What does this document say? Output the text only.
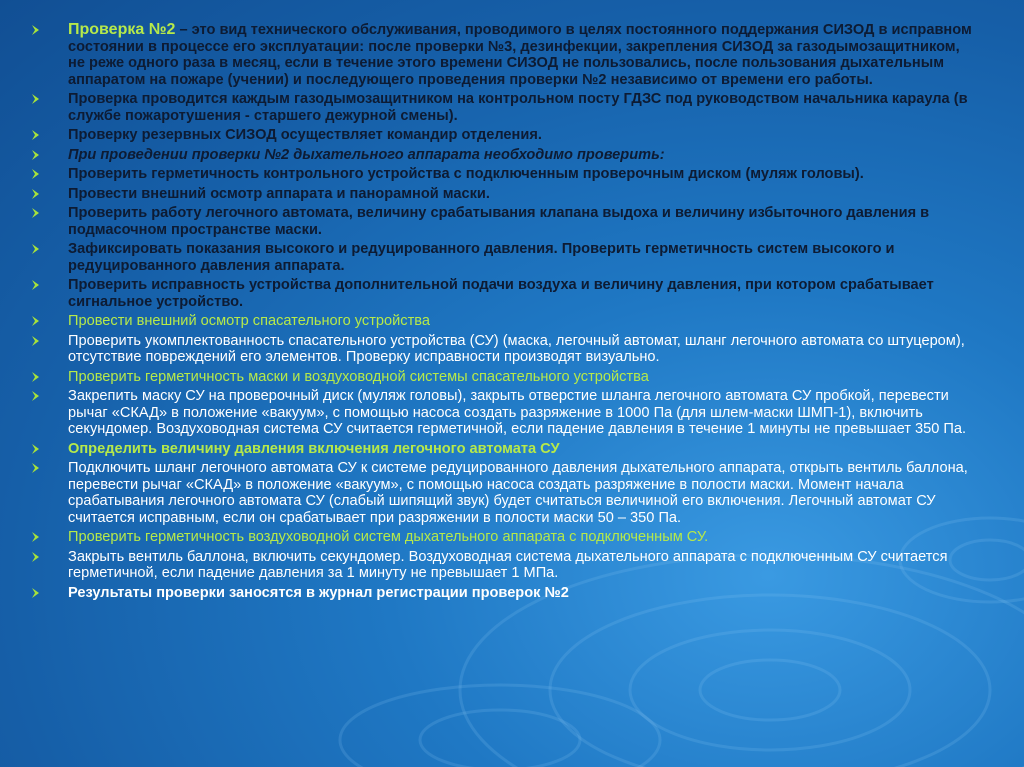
Проверка №2 – это вид технического обслуживания, проводимого в целях постоянного поддержания СИЗОД в исправном состоянии в процессе его эксплуатации: после проверки №3, дезинфекции, закрепления СИЗОД за газодымозащитником, не реже одного раза в месяц, если в течение этого времени СИЗОД не пользовались, после пользования дыхательным аппаратом на пожаре (учении) и последующего проведения проверки №2 независимо от времени его работы.
Проверка проводится каждым газодымозащитником на контрольном посту ГДЗС под руководством начальника караула (в службе пожаротушения - старшего дежурной смены).
Проверку резервных СИЗОД осуществляет командир отделения.
При проведении проверки №2 дыхательного аппарата необходимо проверить:
Проверить герметичность контрольного устройства с подключенным проверочным диском (муляж головы).
Провести внешний осмотр аппарата и панорамной маски.
Проверить работу легочного автомата, величину срабатывания клапана выдоха и величину избыточного давления в подмасочном пространстве маски.
Зафиксировать показания высокого и редуцированного давления. Проверить герметичность систем высокого и редуцированного давления аппарата.
Проверить исправность устройства дополнительной подачи воздуха и величину давления, при котором срабатывает сигнальное устройство.
Провести внешний осмотр спасательного устройства
Проверить укомплектованность спасательного устройства (СУ) (маска, легочный автомат, шланг легочного автомата со штуцером), отсутствие повреждений его элементов. Проверку исправности производят визуально.
Проверить герметичность маски и воздуховодной системы спасательного устройства
Закрепить маску СУ на проверочный диск (муляж головы), закрыть отверстие шланга легочного автомата СУ пробкой, перевести рычаг «СКАД» в положение «вакуум», с помощью насоса создать разряжение в 1000 Па (для шлем-маски ШМП-1), включить секундомер. Воздуховодная система СУ считается герметичной, если падение давления в течение 1 минуты не превышает 350 Па.
Определить величину давления включения легочного автомата СУ
Подключить шланг легочного автомата СУ к системе редуцированного давления дыхательного аппарата, открыть вентиль баллона, перевести рычаг «СКАД» в положение «вакуум», с помощью насоса создать разряжение в полости маски. Момент начала срабатывания легочного автомата СУ (слабый шипящий звук) будет считаться величиной его включения. Легочный автомат СУ считается исправным, если он срабатывает при разряжении в полости маски 50 – 350 Па.
Проверить герметичность воздуховодной систем дыхательного аппарата с подключенным СУ.
Закрыть вентиль баллона, включить секундомер. Воздуховодная система дыхательного аппарата с подключенным СУ считается герметичной, если падение давления за 1 минуту не превышает 1 МПа.
Результаты проверки заносятся в журнал регистрации проверок №2
